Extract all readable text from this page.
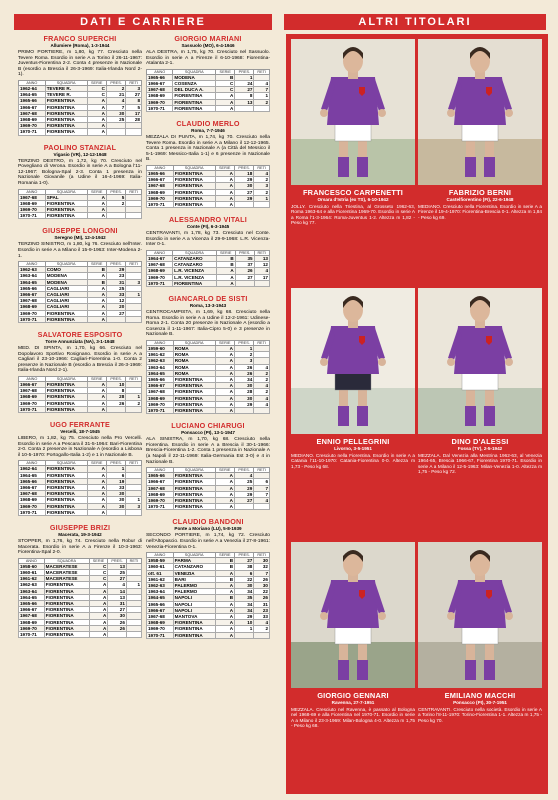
DATI E CARRIERE	ALTRI TITOLARI
FRANCO SUPERCHI
Allumiere (Roma), 1-3-1944
PRIMO PORTIERE, m 1,80, kg 77. Cresciuto nella Tevere Roma. Esordio in serie A a Torino il 26-11-1967: Juventus-Fiorentina 2-2. Conta 4 presenze in Nazionale B (esordio a Brescia il 26-3-1969: Italia-Irlanda Nord 2-1).
ANNO	SQUADRA	SERIE	PRES.	RETI
1962-64	TEVERE R.	C	2	3
1964-65	TEVERE R.	C	21	27
1965-66	FIORENTINA	A	4	8
1966-67	FIORENTINA	A	7	5
1967-68	FIORENTINA	A	30	17
1968-69	FIORENTINA	A	25	28
1969-70	FIORENTINA	A		
1970-71	FIORENTINA	A		
PAOLINO STANZIAL
Vigasio (VR), 12-12-1948
TERZINO DESTRO, m 1,72, kg 70. Cresciuto nel Povegliano di Verona. Esordio in serie A a Bologna l'11-12-1967: Bologna-Spal 2-3. Conta 1 presenza in Nazionale Giovanile (a Udine il 16-4-1969: Italia-Romania 1-0).
ANNO	SQUADRA	SERIE	PRES.	RETI
1967-68	SPAL	A	5	
1968-69	FIORENTINA	A	2	
1969-70	FIORENTINA	A		
1970-71	FIORENTINA	A		
GIUSEPPE LONGONI
Seregno (MI), 12-4-1942
TERZINO SINISTRO, m 1,80, kg 76. Cresciuto nell'Inter. Esordio in serie A a Milano il 15-9-1963: Inter-Modena 2-1.
ANNO	SQUADRA	SERIE	PRES.	RETI
1962-63	COMO	B	29	
1963-64	MODENA	A	23	
1964-65	MODENA	B	31	3
1965-66	CAGLIARI	A	25	
1966-67	CAGLIARI	A	33	1
1967-68	CAGLIARI	A	12	
1968-69	CAGLIARI	A	20	
1969-70	FIORENTINA	A	27	
1970-71	FIORENTINA	A		
SALVATORE ESPOSITO
Torre Annunziata (NA), 3-1-1948
MED. DI SPINTA, m 1,70, kg 66. Cresciuto nel Dopolavoro Sportivo Rosignano. Esordio in serie A a Cagliari il 23-10-1966: Cagliari-Fiorentina 1-0. Conta 2 presenze in Nazionale B (esordio a Brescia il 26-3-1969: Italia-Irlanda Nord 2-1).
ANNO	SQUADRA	SERIE	PRES.	RETI
1966-67	FIORENTINA	A	10	
1967-68	FIORENTINA	A	8	
1968-69	FIORENTINA	A	28	1
1969-70	FIORENTINA	A	26	2
1970-71	FIORENTINA	A		
UGO FERRANTE
Vercelli, 18-7-1945
LIBERO, m 1,82, kg 75. Cresciuto nella Pro Vercelli. Esordio in serie A a Pescara il 31-5-1964: Bari-Fiorentina 2-0. Conta 2 presenze in Nazionale A (esordio a Lisbona il 10-5-1970: Portogallo-Italia 1-2) e 1 in Nazionale B.
ANNO	SQUADRA	SERIE	PRES.	RETI
1962-64	FIORENTINA	A	1	
1964-65	FIORENTINA	A	6	
1965-66	FIORENTINA	A	19	
1966-67	FIORENTINA	A	33	
1967-68	FIORENTINA	A	30	
1968-69	FIORENTINA	A	30	1
1969-70	FIORENTINA	A	30	3
1970-71	FIORENTINA	A		
GIUSEPPE BRIZI
Macerata, 19-3-1942
STOPPER, m 1,76, kg 74. Cresciuto nella Robur di Macerata. Esordio in serie A a Firenze il 10-3-1963: Fiorentina-Spal 2-0.
ANNO	SQUADRA	SERIE	PRES.	RETI
1958-60	MACERATESE	C	13	
1960-61	MACERATESE	C	25	
1961-62	MACERATESE	C	27	
1962-63	FIORENTINA	A	4	1
1963-64	FIORENTINA	A	14	
1964-65	FIORENTINA	A	13	
1965-66	FIORENTINA	A	31	
1966-67	FIORENTINA	A	27	
1967-68	FIORENTINA	A	30	
1968-69	FIORENTINA	A	26	
1969-70	FIORENTINA	A	26	
1970-71	FIORENTINA	A		
GIORGIO MARIANI
Sassuolo (MO), 6-4-1946
ALA DESTRA, m 1,75, kg 70. Cresciuto nel Sassuolo. Esordio in serie A a Firenze il 6-10-1968: Fiorentina-Atalanta 2-1.
ANNO	SQUADRA	SERIE	PRES.	RETI
1965-66	MODENA	B	1	
1966-67	COSENZA	C	24	4
1967-68	DEL DUCA A.	C	27	7
1968-69	FIORENTINA	A	8	1
1969-70	FIORENTINA	A	13	2
1970-71	FIORENTINA	A		
CLAUDIO MERLO
Roma, 7-7-1946
MEZZALA DI PUNTA, m 1,74, kg 70. Cresciuto nella Tevere Roma. Esordio in serie A a Milano il 12-12-1965. Conta 1 presenza in Nazionale A (a Città del Messico il 5-1-1969: Messico-Italia 1-1) e 6 presenze in Nazionale B.
ANNO	SQUADRA	SERIE	PRES.	RETI
1965-66	FIORENTINA	A	18	4
1966-67	FIORENTINA	A	29	2
1967-68	FIORENTINA	A	30	3
1968-69	FIORENTINA	A	27	2
1969-70	FIORENTINA	A	29	1
1970-71	FIORENTINA	A		
ALESSANDRO VITALI
Conte (FI), 6-3-1945
CENTRAVANTI, m 1,78, kg 73. Cresciuto nel Conte. Esordio in serie A a Vicenza il 29-9-1968: L.R. Vicenza-Inter 0-1.
ANNO	SQUADRA	SERIE	PRES.	RETI
1964-67	CATANZARO	B	35	13
1967-68	CATANZARO	B	37	12
1968-69	L.R. VICENZA	A	26	4
1969-70	L.R. VICENZA	A	27	17
1970-71	FIORENTINA	A		
GIANCARLO DE SISTI
Roma, 13-3-1943
CENTROCAMPISTA, m 1,69, kg 68. Cresciuto nella Roma. Esordio in serie A a Udine il 12-2-1961: Udinese-Roma 2-1. Conta 20 presenze in Nazionale A (esordio a Cosenza il 1-11-1967: Italia-Cipro 5-0) e 3 presenze in Nazionale B.
ANNO	SQUADRA	SERIE	PRES.	RETI
1959-60	ROMA	A	1	
1961-62	ROMA	A	2	
1962-63	ROMA	A	3	
1963-64	ROMA	A	26	4
1964-65	ROMA	A	26	2
1965-66	FIORENTINA	A	34	2
1966-67	FIORENTINA	A	30	4
1967-68	FIORENTINA	A	28	2
1968-69	FIORENTINA	A	30	4
1969-70	FIORENTINA	A	29	4
1970-71	FIORENTINA	A		
LUCIANO CHIARUGI
Ponsacco (PI), 13-1-1947
ALA SINISTRA, m 1,70, kg 68. Cresciuto nella Fiorentina. Esordio in serie A a Brescia il 30-1-1966: Brescia-Fiorentina 1-2. Conta 1 presenza in Nazionale A (a Napoli il 22-11-1969: Italia-Germania Est 3-0) e 4 in Nazionale B.
ANNO	SQUADRA	SERIE	PRES.	RETI
1965-66	FIORENTINA	A	4	
1966-67	FIORENTINA	A	25	6
1967-68	FIORENTINA	A	29	7
1968-69	FIORENTINA	A	29	7
1969-70	FIORENTINA	A	27	4
1970-71	FIORENTINA	A		
CLAUDIO BANDONI
Ponte a Moriano (LU), 5-8-1939
SECONDO PORTIERE, m 1,74, kg 72. Cresciuto nell'Altopascio. Esordio in serie A a Venezia il 27-8-1961: Venezia-Fiorentina 0-1.
ANNO	SQUADRA	SERIE	PRES.	RETI
1958-59	PARMA	B	27	30
1960-61	CATANZARO	B	38	32
ott. 61	VENEZIA	A	6	7
1961-62	BARI	B	22	26
1962-63	PALERMO	A	30	30
1963-64	PALERMO	A	34	22
1964-65	NAPOLI	B	35	26
1965-66	NAPOLI	A	34	31
1966-67	NAPOLI	A	34	23
1967-68	MANTOVA	A	29	33
1968-69	FIORENTINA	A	10	4
1969-70	FIORENTINA	A	1	2
1970-71	FIORENTINA	A		
FRANCESCO CARPENETTI
Orsara d'Istria (ex TS), 6-10-1942
JOLLY. Cresciuto nella Triestina, al Grosseto 1962-63, Roma 1963-64 e alla Fiorentina 1969-70. Esordio in serie A a Roma l'1-3-1964: Roma-Juventus 1-2. Altezza m 1,82 - Peso kg 77.
FABRIZIO BERNI
Castelfiorentino (FI), 22-6-1948
MEDIANO. Cresciuto nella Fiorentina. Esordio in serie A a Firenze il 19-4-1970: Fiorentina-Brescia 0-1. Altezza m 1,84 - Peso kg 69.
ENNIO PELLEGRINI
Livorno, 3-5-1951
MEDIANO. Cresciuto nella Fiorentina. Esordio in serie A a Catania l'11-10-1970: Catania-Fiorentina 0-0. Altezza m 1,73 - Peso kg 68.
DINO D'ALESSI
Fossa (TV), 2-5-1942
MEZZALA. Dal Venezia alla Mestrina 1962-63, al Venezia 1964-65, Brescia 1966-67, Fiorentina 1970-71. Esordio in serie A a Milano il 12-5-1963: Milan-Venezia 1-0. Altezza m 1,75 - Peso kg 72.
GIORGIO GENNARI
Ravenna, 27-7-1951
MEZZALA. Cresciuto nel Ravenna, è passato al Bologna nel 1968-69 e alla Fiorentina nel 1970-71. Esordio in serie A a Milano il 23-3-1969: Milan-Bologna 4-0. Altezza m 1,75 - Peso kg 68.
EMILIANO MACCHI
Ponsacco (PI), 30-7-1951
CENTRAVANTI. Cresciuto nella società. Esordio in serie A a Torino l'8-11-1970: Torino-Fiorentina 1-1. Altezza m 1,75 - Peso kg 70.
